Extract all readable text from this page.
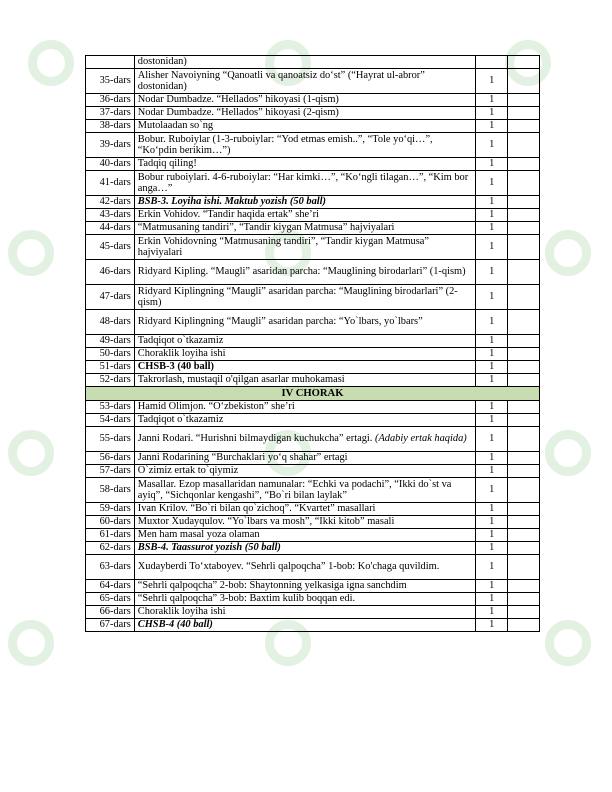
	dostonidan)		
35-dars	Alisher Navoiyning “Qanoatli va qanoatsiz do‘st” (“Hayrat ul-abror” dostonidan)	1	
36-dars	Nodar Dumbadze. “Hellados” hikoyasi (1-qism)	1	
37-dars	Nodar Dumbadze. “Hellados” hikoyasi (2-qism)	1	
38-dars	Mutolaadan so`ng	1	
39-dars	Bobur. Ruboiylar (1-3-ruboiylar: “Yod etmas emish..”, “Tole yo‘qi…”, “Ko‘pdin berikim…”)	1	
40-dars	Tadqiq qiling!	1	
41-dars	Bobur ruboiylari. 4-6-ruboiylar: “Har kimki…”, “Ko‘ngli tilagan…”, “Kim bor anga…”	1	
42-dars	BSB-3. Loyiha ishi. Maktub yozish (50 ball)	1	
43-dars	Erkin Vohidov. “Tandir haqida ertak” she’ri	1	
44-dars	“Matmusaning tandiri”, “Tandir kiygan Matmusa” hajviyalari	1	
45-dars	Erkin Vohidovning “Matmusaning tandiri”, “Tandir kiygan Matmusa” hajviyalari	1	
46-dars	Ridyard Kipling. “Maugli” asaridan parcha: “Mauglining birodarlari” (1-qism)	1	
47-dars	Ridyard Kiplingning “Maugli” asaridan parcha: “Mauglining birodarlari” (2-qism)	1	
48-dars	Ridyard Kiplingning “Maugli” asaridan parcha: “Yo`lbars, yo`lbars”	1	
49-dars	Tadqiqot o`tkazamiz	1	
50-dars	Choraklik loyiha ishi	1	
51-dars	CHSB-3 (40 ball)	1	
52-dars	Takrorlash, mustaqil o'qilgan asarlar muhokamasi	1	
IV CHORAK			
53-dars	Hamid Olimjon. “O‘zbekiston” she’ri	1	
54-dars	Tadqiqot o`tkazamiz	1	
55-dars	Janni Rodari. “Hurishni bilmaydigan kuchukcha” ertagi. (Adabiy ertak haqida)	1	
56-dars	Janni Rodarining “Burchaklari yo‘q shahar” ertagi	1	
57-dars	O`zimiz ertak to`qiymiz	1	
58-dars	Masallar. Ezop masallaridan namunalar: “Echki va podachi”, “Ikki do`st va ayiq”, “Sichqonlar kengashi”, “Bo`ri bilan laylak”	1	
59-dars	Ivan Krilov. “Bo`ri bilan qo`zichoq”. “Kvartet” masallari	1	
60-dars	Muxtor Xudayqulov. “Yo`lbars va mosh”, “Ikki kitob” masali	1	
61-dars	Men ham masal yoza olaman	1	
62-dars	BSB-4. Taassurot yozish (50 ball)	1	
63-dars	Xudayberdi To‘xtaboyev. “Sehrli qalpoqcha” 1-bob: Ko'chaga quvildim.	1	
64-dars	“Sehrli qalpoqcha” 2-bob: Shaytonning yelkasiga igna sanchdim	1	
65-dars	“Sehrli qalpoqcha” 3-bob: Baxtim kulib boqqan edi.	1	
66-dars	Choraklik loyiha ishi	1	
67-dars	CHSB-4 (40 ball)	1	
